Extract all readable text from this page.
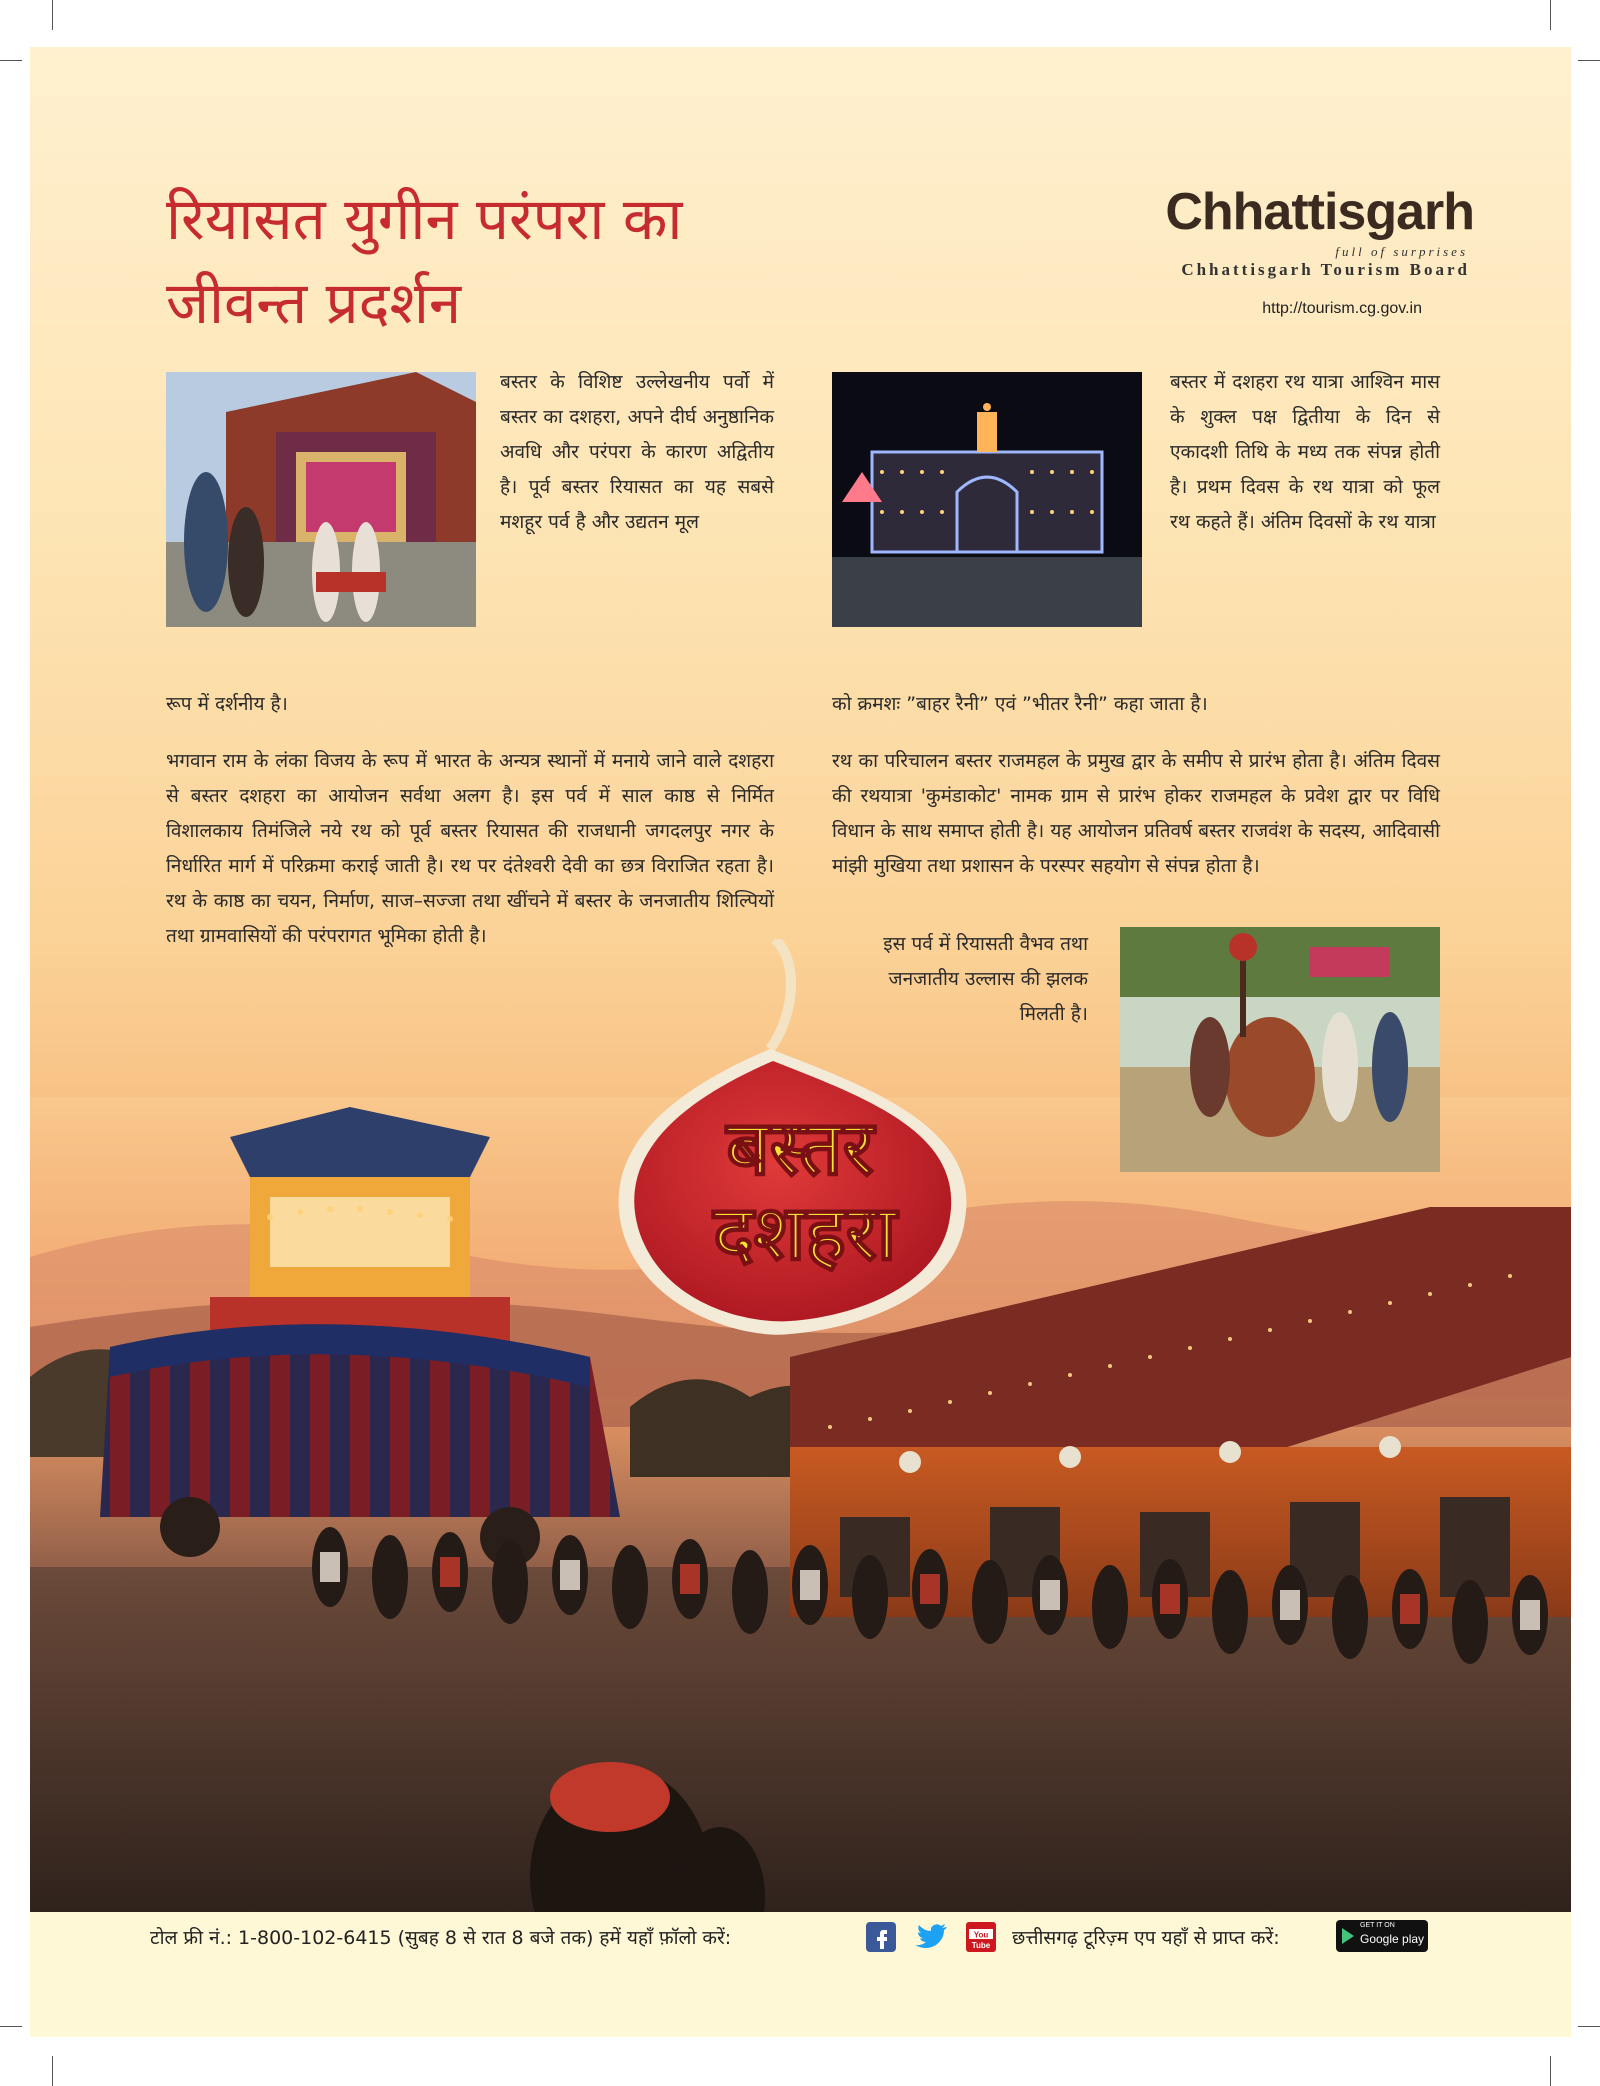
रियासत युगीन परंपरा का
जीवन्त प्रदर्शन
Chhattisgarh
full of surprises
Chhattisgarh Tourism Board
http://tourism.cg.gov.in

बस्तर के विशिष्ट उल्लेखनीय पर्वो में बस्तर का दशहरा, अपने दीर्घ अनुष्ठानिक अवधि और परंपरा के कारण अद्वितीय है। पूर्व बस्तर रियासत का यह सबसे मशहूर पर्व है और उद्यतन मूल

रूप में दर्शनीय है।

भगवान राम के लंका विजय के रूप में भारत के अन्यत्र स्थानों में मनाये जाने वाले दशहरा से बस्तर दशहरा का आयोजन सर्वथा अलग है। इस पर्व में साल काष्ठ से निर्मित विशालकाय तिमंजिले नये रथ को पूर्व बस्तर रियासत की राजधानी जगदलपुर नगर के निर्धारित मार्ग में परिक्रमा कराई जाती है। रथ पर दंतेश्वरी देवी का छत्र विराजित रहता है। रथ के काष्ठ का चयन, निर्माण, साज–सज्जा तथा खींचने में बस्तर के जनजातीय शिल्पियों तथा ग्रामवासियों की परंपरागत भूमिका होती है।

बस्तर में दशहरा रथ यात्रा आश्विन मास के शुक्ल पक्ष द्वितीया के दिन से एकादशी तिथि के मध्य तक संपन्न होती है। प्रथम दिवस के रथ यात्रा को फूल रथ कहते हैं। अंतिम दिवसों के रथ यात्रा

को क्रमशः ”बाहर रैनी” एवं ”भीतर रैनी” कहा जाता है।

रथ का परिचालन बस्तर राजमहल के प्रमुख द्वार के समीप से प्रारंभ होता है। अंतिम दिवस की रथयात्रा 'कुमंडाकोट' नामक ग्राम से प्रारंभ होकर राजमहल के प्रवेश द्वार पर विधि विधान के साथ समाप्त होती है। यह आयोजन प्रतिवर्ष बस्तर राजवंश के सदस्य, आदिवासी मांझी मुखिया तथा प्रशासन के परस्पर सहयोग से संपन्न होता है।

इस पर्व में रियासती वैभव तथा जनजातीय उल्लास की झलक मिलती है।

बस्तर
दशहरा
टोल फ्री नं.: 1-800-102-6415 (सुबह 8 से रात 8 बजे तक) हमें यहाँ फ़ॉलो करें:	You
Tube छत्तीसगढ़ टूरिज़्म एप यहाँ से प्राप्त करें:
GET IT ON
Google play
